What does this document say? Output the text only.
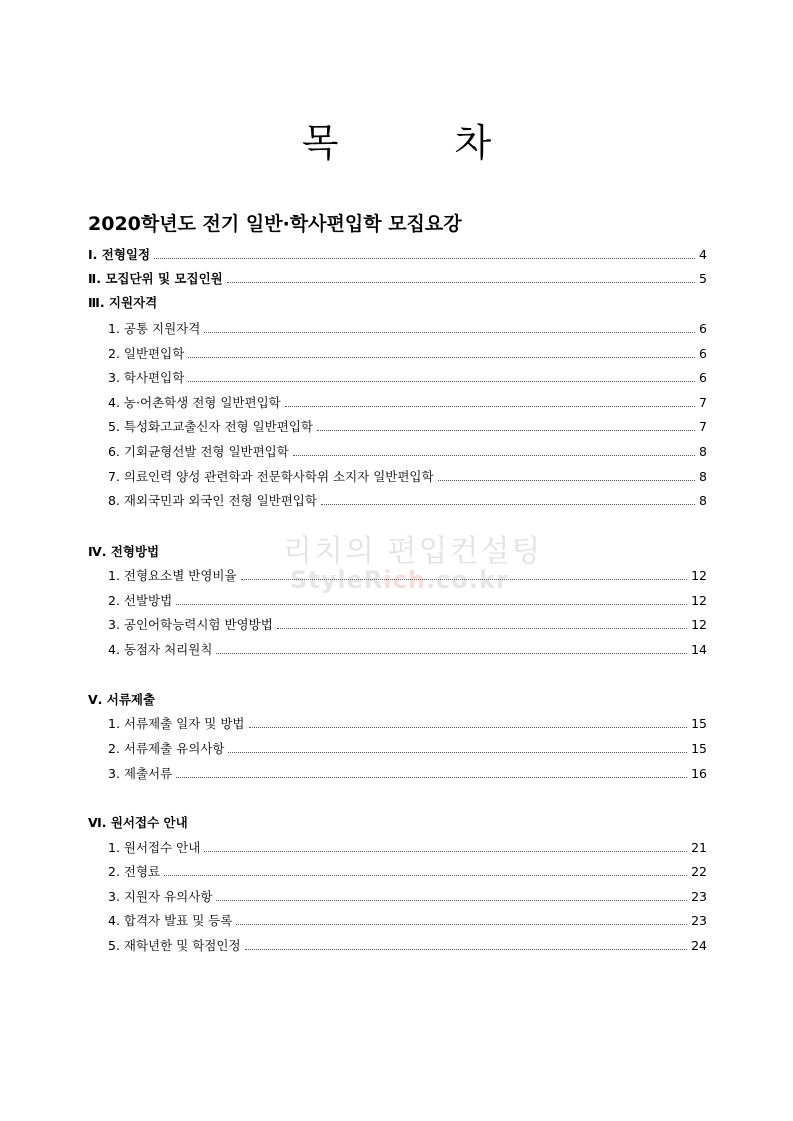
목 차
2020학년도 전기 일반·학사편입학 모집요강
리치의 편입컨설팅
StyleRich.co.kr
Ⅰ. 전형일정	4
Ⅱ. 모집단위 및 모집인원	5
Ⅲ. 지원자격
1. 공통 지원자격	6
2. 일반편입학	6
3. 학사편입학	6
4. 농·어촌학생 전형 일반편입학	7
5. 특성화고교출신자 전형 일반편입학	7
6. 기회균형선발 전형 일반편입학	8
7. 의료인력 양성 관련학과 전문학사학위 소지자 일반편입학	8
8. 재외국민과 외국인 전형 일반편입학	8
Ⅳ. 전형방법
1. 전형요소별 반영비율	12
2. 선발방법	12
3. 공인어학능력시험 반영방법	12
4. 동점자 처리원칙	14
Ⅴ. 서류제출
1. 서류제출 일자 및 방법	15
2. 서류제출 유의사항	15
3. 제출서류	16
Ⅵ. 원서접수 안내
1. 원서접수 안내	21
2. 전형료	22
3. 지원자 유의사항	23
4. 합격자 발표 및 등록	23
5. 재학년한 및 학점인정	24
